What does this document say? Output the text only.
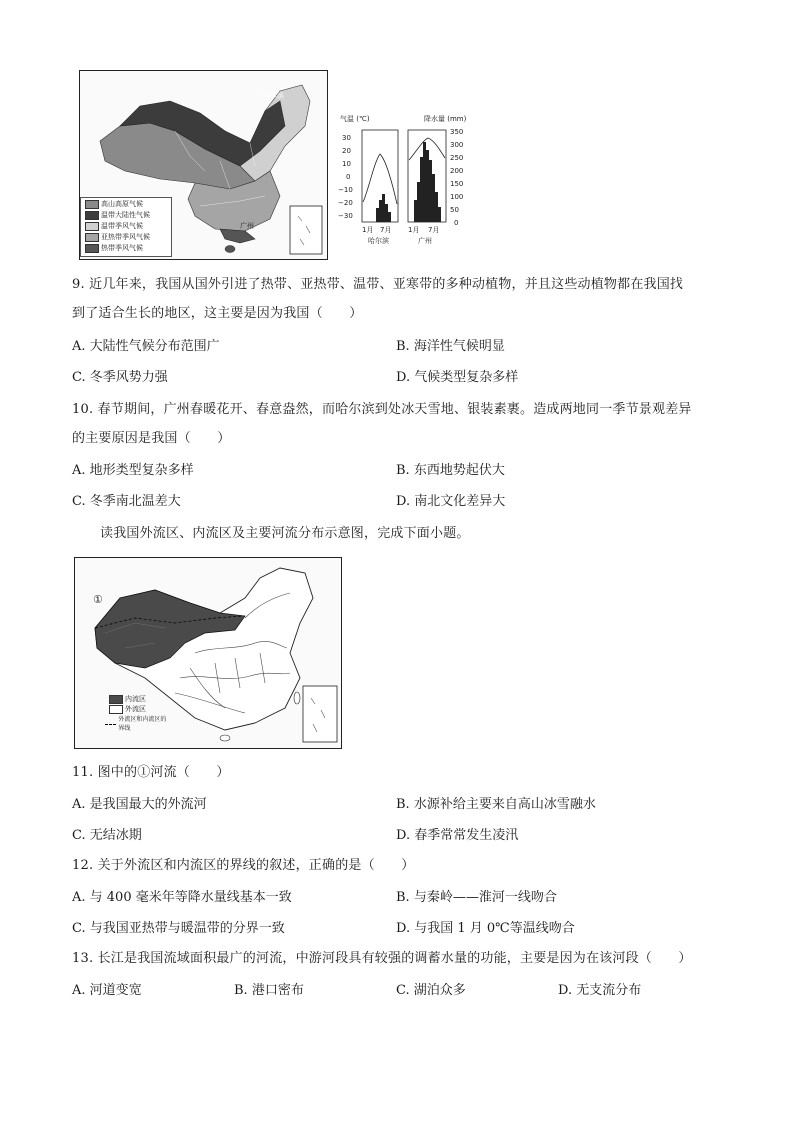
高山高原气候
温带大陆性气候
温带季风气候
亚热带季风气候
热带季风气候
哈尔滨
广州
气温 (℃)	降水量 (mm)
30
20
10
0
−10
−20
−30
350
300
250
200
150
100
50
0
1月 7月 1月 7月
哈尔滨	广州
9. 近几年来，我国从国外引进了热带、亚热带、温带、亚寒带的多种动植物，并且这些动植物都在我国找
到了适合生长的地区，这主要是因为我国（　　）
A. 大陆性气候分布范围广	B. 海洋性气候明显
C. 冬季风势力强	D. 气候类型复杂多样
10. 春节期间，广州春暖花开、春意盎然，而哈尔滨到处冰天雪地、银装素裹。造成两地同一季节景观差异
的主要原因是我国（　　）
A. 地形类型复杂多样	B. 东西地势起伏大
C. 冬季南北温差大	D. 南北文化差异大
读我国外流区、内流区及主要河流分布示意图，完成下面小题。
①
内流区
外流区
外流区和内流区的界线
11. 图中的①河流（　　）
A. 是我国最大的外流河	B. 水源补给主要来自高山冰雪融水
C. 无结冰期	D. 春季常常发生凌汛
12. 关于外流区和内流区的界线的叙述，正确的是（　　）
A. 与 400 毫米年等降水量线基本一致	B. 与秦岭——淮河一线吻合
C. 与我国亚热带与暖温带的分界一致	D. 与我国 1 月 0℃等温线吻合
13. 长江是我国流域面积最广的河流，中游河段具有较强的调蓄水量的功能，主要是因为在该河段（　　）
A. 河道变宽	B. 港口密布	C. 湖泊众多	D. 无支流分布
